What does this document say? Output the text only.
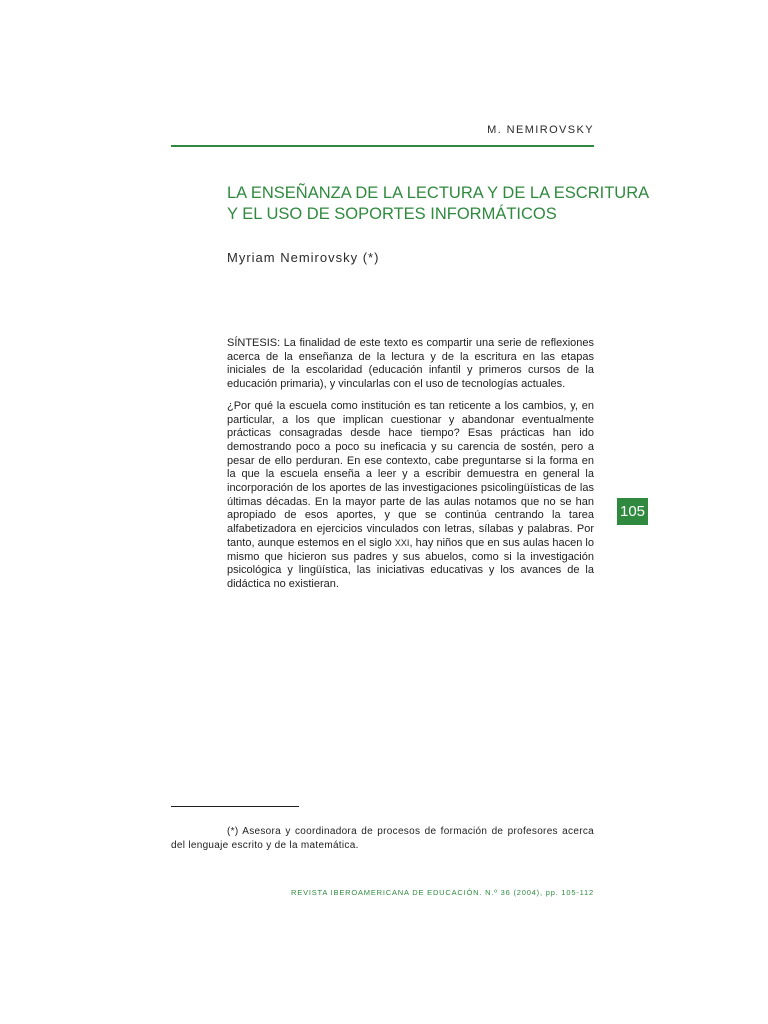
M. NEMIROVSKY
LA ENSEÑANZA DE LA LECTURA Y DE LA ESCRITURA
Y EL USO DE SOPORTES INFORMÁTICOS
Myriam Nemirovsky (*)

SÍNTESIS: La finalidad de este texto es compartir una serie de reflexiones acerca de la enseñanza de la lectura y de la escritura en las etapas iniciales de la escolaridad (educación infantil y primeros cursos de la educación primaria), y vincularlas con el uso de tecnologías actuales.

¿Por qué la escuela como institución es tan reticente a los cambios, y, en particular, a los que implican cuestionar y abandonar eventualmente prácticas consagradas desde hace tiempo? Esas prácticas han ido demostrando poco a poco su ineficacia y su carencia de sostén, pero a pesar de ello perduran. En ese contexto, cabe preguntarse si la forma en la que la escuela enseña a leer y a escribir demuestra en general la incorporación de los aportes de las investigaciones psicolingüísticas de las últimas décadas. En la mayor parte de las aulas notamos que no se han apropiado de esos aportes, y que se continúa centrando la tarea alfabetizadora en ejercicios vinculados con letras, sílabas y palabras. Por tanto, aunque estemos en el siglo XXI, hay niños que en sus aulas hacen lo mismo que hicieron sus padres y sus abuelos, como si la investigación psicológica y lingüística, las iniciativas educativas y los avances de la didáctica no existieran.

105
(*) Asesora y coordinadora de procesos de formación de profesores acerca del lenguaje escrito y de la matemática.
REVISTA IBEROAMERICANA DE EDUCACIÓN. N.º 36 (2004), pp. 105-112
